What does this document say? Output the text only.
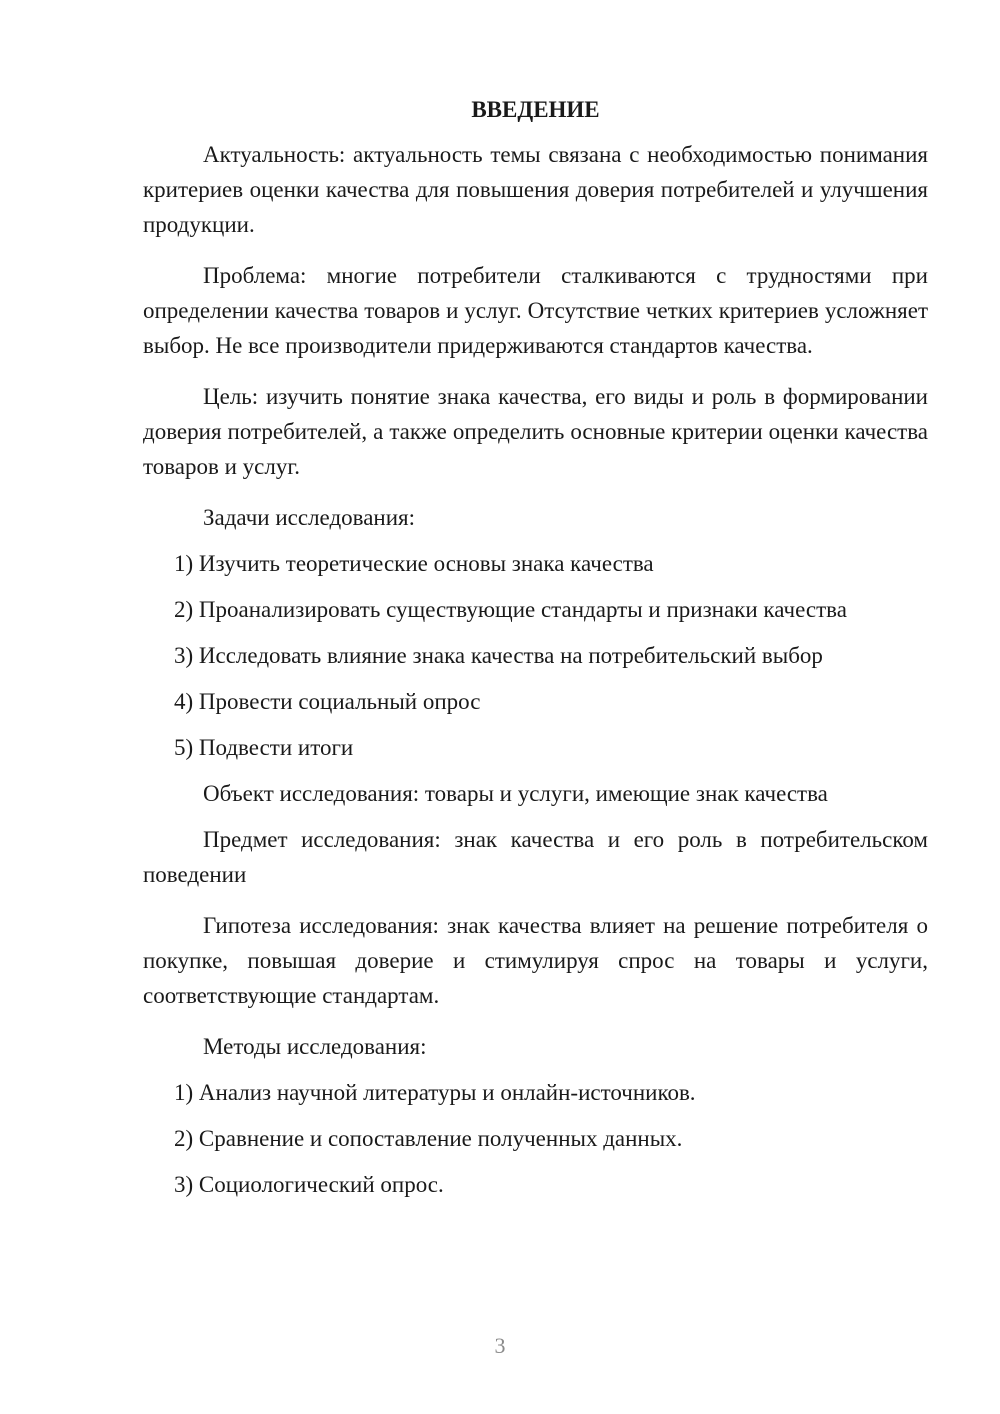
ВВЕДЕНИЕ

Актуальность: актуальность темы связана с необходимостью понимания критериев оценки качества для повышения доверия потребителей и улучшения продукции.

Проблема: многие потребители сталкиваются с трудностями при определении качества товаров и услуг. Отсутствие четких критериев усложняет выбор. Не все производители придерживаются стандартов качества.

Цель: изучить понятие знака качества, его виды и роль в формировании доверия потребителей, а также определить основные критерии оценки качества товаров и услуг.

Задачи исследования:
1) Изучить теоретические основы знака качества
2) Проанализировать существующие стандарты и признаки качества
3) Исследовать влияние знака качества на потребительский выбор
4) Провести социальный опрос
5) Подвести итоги
Объект исследования: товары и услуги, имеющие знак качества

Предмет исследования: знак качества и его роль в потребительском поведении

Гипотеза исследования: знак качества влияет на решение потребителя о покупке, повышая доверие и стимулируя спрос на товары и услуги, соответствующие стандартам.

Методы исследования:
1) Анализ научной литературы и онлайн-источников.
2) Сравнение и сопоставление полученных данных.
3) Социологический опрос.
3
